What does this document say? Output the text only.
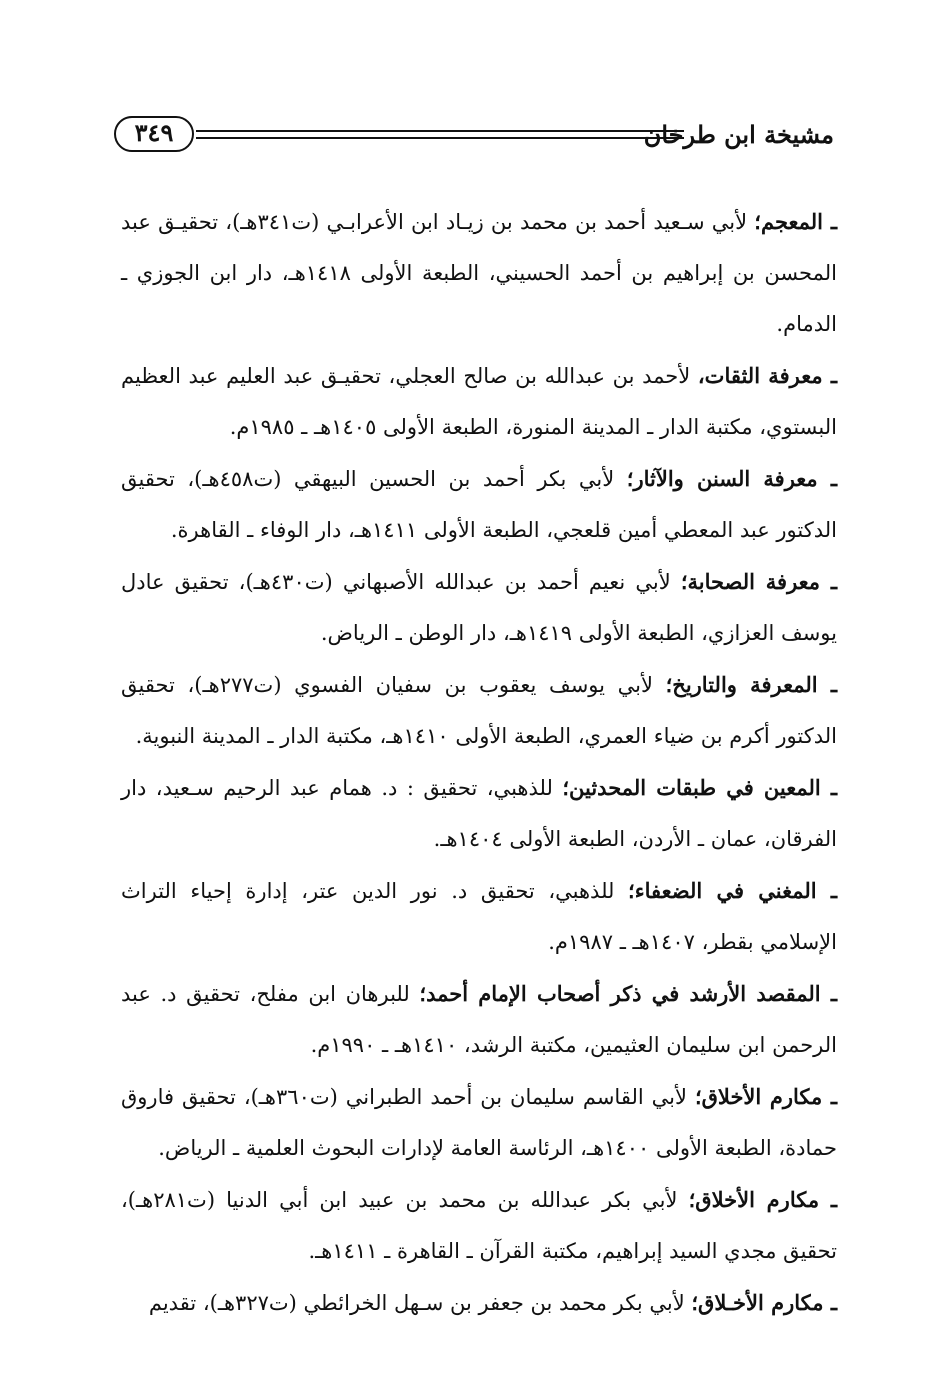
مشيخة ابن طرخان
٣٤٩

ـ المعجم؛ لأبي سـعيد أحمد بن محمد بن زيـاد ابن الأعرابـي (ت٣٤١هـ)، تحقيـق عبد المحسن بن إبراهيم بن أحمد الحسيني، الطبعة الأولى ١٤١٨هـ، دار ابن الجوزي ـ الدمام.

ـ معرفة الثقات، لأحمد بن عبدالله بن صالح العجلي، تحقيـق عبد العليم عبد العظيم البستوي، مكتبة الدار ـ المدينة المنورة، الطبعة الأولى ١٤٠٥هـ ـ ١٩٨٥م.

ـ معرفة السنن والآثار؛ لأبي بكر أحمد بن الحسين البيهقي (ت٤٥٨هـ)، تحقيق الدكتور عبد المعطي أمين قلعجي، الطبعة الأولى ١٤١١هـ، دار الوفاء ـ القاهرة.

ـ معرفة الصحابة؛ لأبي نعيم أحمد بن عبدالله الأصبهاني (ت٤٣٠هـ)، تحقيق عادل يوسف العزازي، الطبعة الأولى ١٤١٩هـ، دار الوطن ـ الرياض.

ـ المعرفة والتاريخ؛ لأبي يوسف يعقوب بن سفيان الفسوي (ت٢٧٧هـ)، تحقيق الدكتور أكرم بن ضياء العمري، الطبعة الأولى ١٤١٠هـ، مكتبة الدار ـ المدينة النبوية.

ـ المعين في طبقات المحدثين؛ للذهبي، تحقيق : د. همام عبد الرحيم سـعيد، دار الفرقان، عمان ـ الأردن، الطبعة الأولى ١٤٠٤هـ.

ـ المغني في الضعفاء؛ للذهبي، تحقيق د. نور الدين عتر، إدارة إحياء التراث الإسلامي بقطر، ١٤٠٧هـ ـ ١٩٨٧م.

ـ المقصد الأرشد في ذكر أصحاب الإمام أحمد؛ للبرهان ابن مفلح، تحقيق د. عبد الرحمن ابن سليمان العثيمين، مكتبة الرشد، ١٤١٠هـ ـ ١٩٩٠م.

ـ مكارم الأخلاق؛ لأبي القاسم سليمان بن أحمد الطبراني (ت٣٦٠هـ)، تحقيق فاروق حمادة، الطبعة الأولى ١٤٠٠هـ، الرئاسة العامة لإدارات البحوث العلمية ـ الرياض.

ـ مكارم الأخلاق؛ لأبي بكر عبدالله بن محمد بن عبيد ابن أبي الدنيا (ت٢٨١هـ)، تحقيق مجدي السيد إبراهيم، مكتبة القرآن ـ القاهرة ـ ١٤١١هـ.

ـ مكارم الأخـلاق؛ لأبي بكر محمد بن جعفر بن سـهل الخرائطي (ت٣٢٧هـ)، تقديم
